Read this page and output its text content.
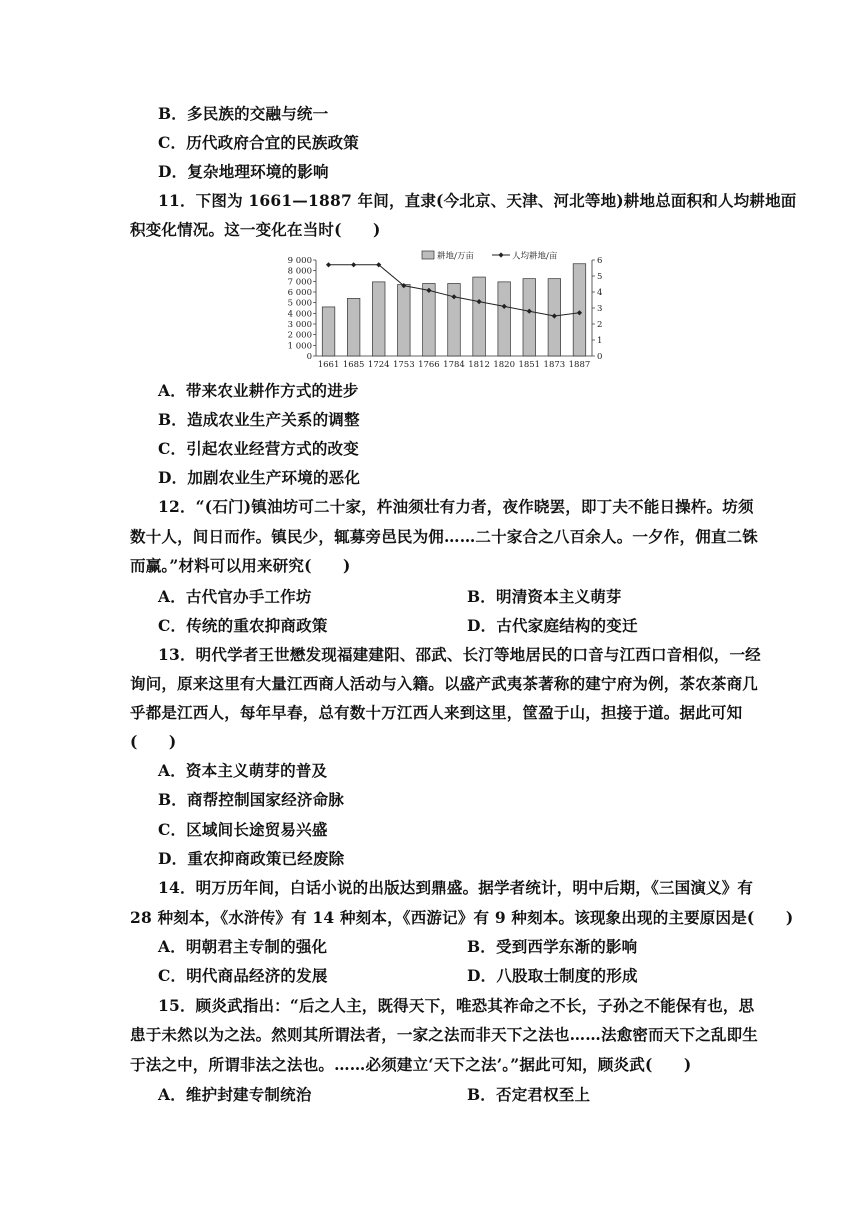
B．多民族的交融与统一
C．历代政府合宜的民族政策
D．复杂地理环境的影响
11．下图为 1661—1887 年间，直隶(今北京、天津、河北等地)耕地总面积和人均耕地面
积变化情况。这一变化在当时(　　)
0
1 000
2 000
3 000
4 000
5 000
6 000
7 000
8 000
9 000
0
1
2
3
4
5
6
1661 1685 1724 1753 1766 1784 1812 1820 1851 1873 1887
耕地/万亩	人均耕地/亩
A．带来农业耕作方式的进步
B．造成农业生产关系的调整
C．引起农业经营方式的改变
D．加剧农业生产环境的恶化
12．“(石门)镇油坊可二十家，杵油须壮有力者，夜作晓罢，即丁夫不能日操杵。坊须
数十人，间日而作。镇民少，辄募旁邑民为佣……二十家合之八百余人。一夕作，佣直二铢
而赢。”材料可以用来研究(　　)
A．古代官办手工作坊	B．明清资本主义萌芽
C．传统的重农抑商政策	D．古代家庭结构的变迁
13．明代学者王世懋发现福建建阳、邵武、长汀等地居民的口音与江西口音相似，一经
询问，原来这里有大量江西商人活动与入籍。以盛产武夷茶著称的建宁府为例，茶农茶商几
乎都是江西人，每年早春，总有数十万江西人来到这里，筐盈于山，担接于道。据此可知
(　　)
A．资本主义萌芽的普及
B．商帮控制国家经济命脉
C．区域间长途贸易兴盛
D．重农抑商政策已经废除
14．明万历年间，白话小说的出版达到鼎盛。据学者统计，明中后期，《三国演义》有
28 种刻本，《水浒传》有 14 种刻本，《西游记》有 9 种刻本。该现象出现的主要原因是(　　)
A．明朝君主专制的强化	B．受到西学东渐的影响
C．明代商品经济的发展	D．八股取士制度的形成
15．顾炎武指出：“后之人主，既得天下，唯恐其祚命之不长，子孙之不能保有也，思
患于未然以为之法。然则其所谓法者，一家之法而非天下之法也……法愈密而天下之乱即生
于法之中，所谓非法之法也。……必须建立‘天下之法’。”据此可知，顾炎武(　　)
A．维护封建专制统治	B．否定君权至上
